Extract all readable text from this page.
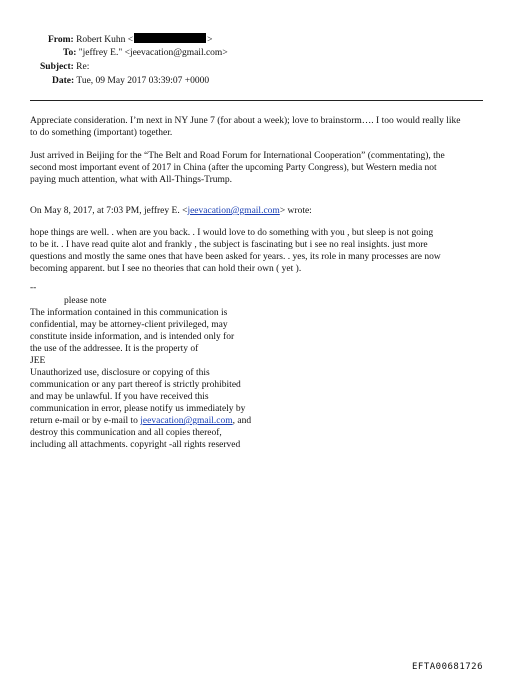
From: Robert Kuhn <	>
To: "jeffrey E." <jeevacation@gmail.com>
Subject: Re:
Date: Tue, 09 May 2017 03:39:07 +0000
Appreciate consideration. I’m next in NY June 7 (for about a week); love to brainstorm…. I too would really like
to do something (important) together.
Just arrived in Beijing for the “The Belt and Road Forum for International Cooperation” (commentating), the
second most important event of 2017 in China (after the upcoming Party Congress), but Western media not
paying much attention, what with All-Things-Trump.
On May 8, 2017, at 7:03 PM, jeffrey E. <jeevacation@gmail.com> wrote:
hope things are well. . when are you back. . I would love to do something with you , but sleep is not going
to be it. . I have read quite alot and frankly , the subject is fascinating but i see no real insights. just more
questions and mostly the same ones that have been asked for years. . yes, its role in many processes are now
becoming apparent. but I see no theories that can hold their own ( yet ).
--
please note
The information contained in this communication is
confidential, may be attorney-client privileged, may
constitute inside information, and is intended only for
the use of the addressee. It is the property of
JEE
Unauthorized use, disclosure or copying of this
communication or any part thereof is strictly prohibited
and may be unlawful. If you have received this
communication in error, please notify us immediately by
return e-mail or by e-mail to jeevacation@gmail.com, and
destroy this communication and all copies thereof,
including all attachments. copyright -all rights reserved
EFTA00681726
